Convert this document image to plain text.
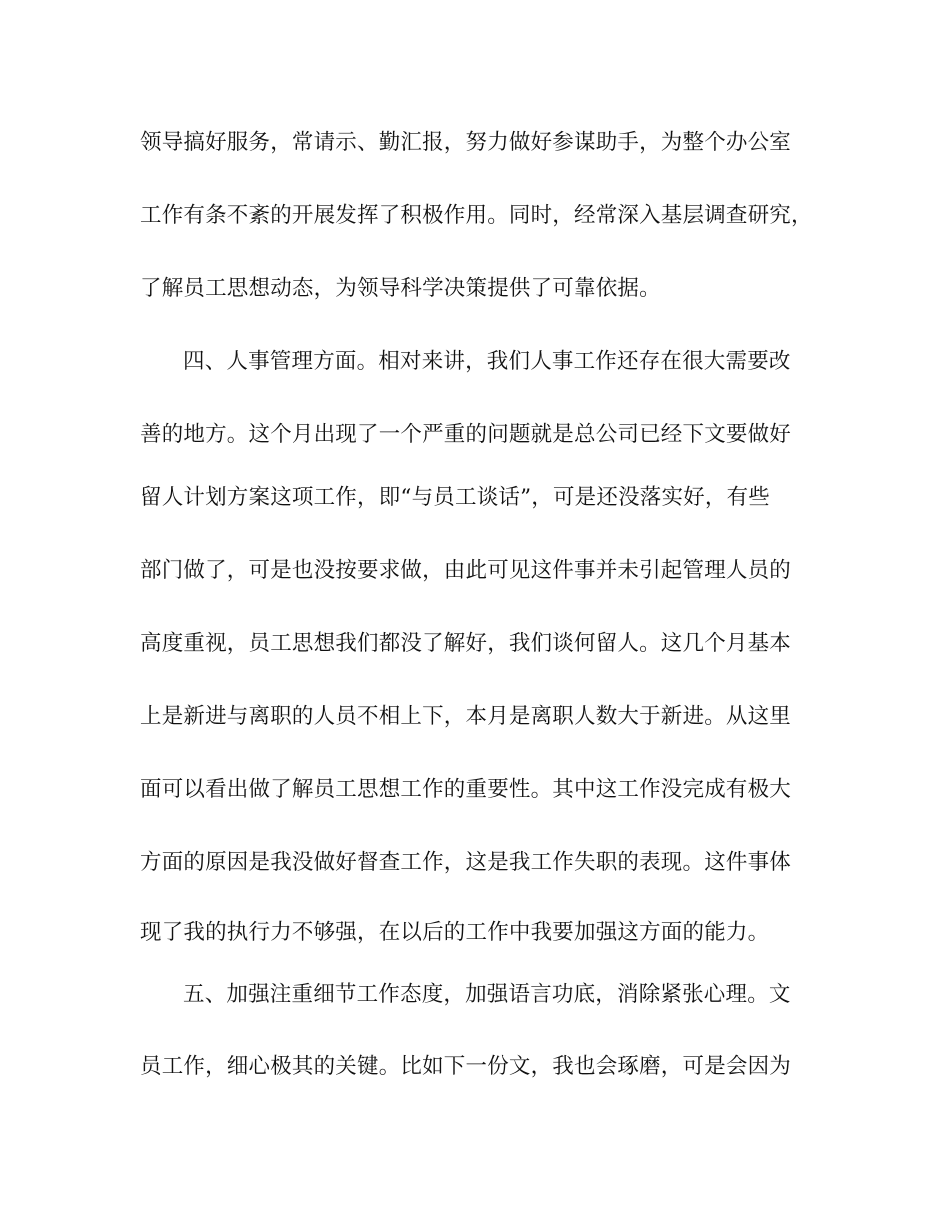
领导搞好服务，常请示、勤汇报，努力做好参谋助手，为整个办公室
工作有条不紊的开展发挥了积极作用。同时，经常深入基层调查研究，
了解员工思想动态，为领导科学决策提供了可靠依据。
四、人事管理方面。相对来讲，我们人事工作还存在很大需要改
善的地方。这个月出现了一个严重的问题就是总公司已经下文要做好
留人计划方案这项工作，即“与员工谈话”，可是还没落实好，有些
部门做了，可是也没按要求做，由此可见这件事并未引起管理人员的
高度重视，员工思想我们都没了解好，我们谈何留人。这几个月基本
上是新进与离职的人员不相上下，本月是离职人数大于新进。从这里
面可以看出做了解员工思想工作的重要性。其中这工作没完成有极大
方面的原因是我没做好督查工作，这是我工作失职的表现。这件事体
现了我的执行力不够强，在以后的工作中我要加强这方面的能力。
五、加强注重细节工作态度，加强语言功底，消除紧张心理。文
员工作，细心极其的关键。比如下一份文，我也会琢磨，可是会因为
